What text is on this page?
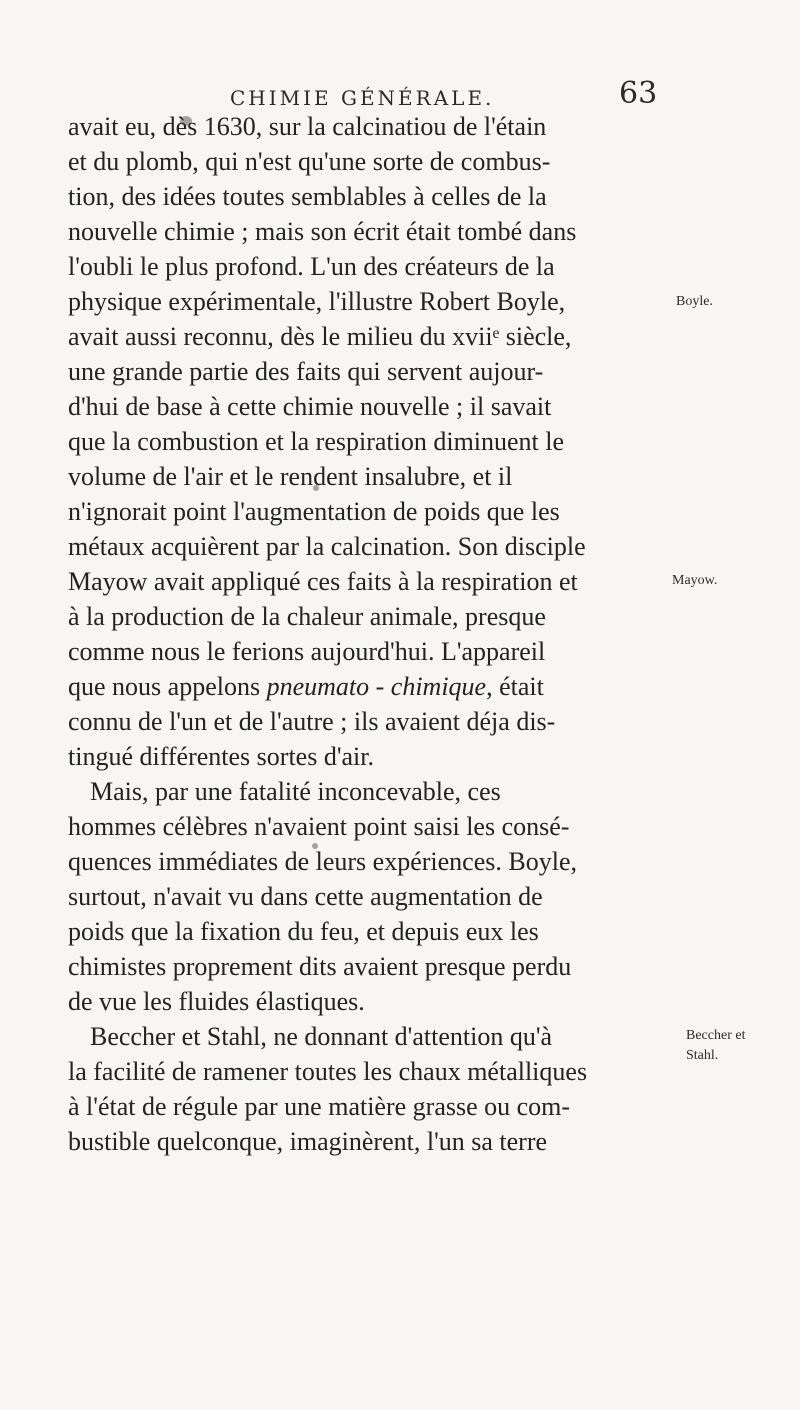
CHIMIE GÉNÉRALE.	63
avait eu, dès 1630, sur la calcinatiou de l'étain
et du plomb, qui n'est qu'une sorte de combus-
tion, des idées toutes semblables à celles de la
nouvelle chimie ; mais son écrit était tombé dans
l'oubli le plus profond. L'un des créateurs de la
physique expérimentale, l'illustre Robert Boyle,
avait aussi reconnu, dès le milieu du xviiᵉ siècle,
une grande partie des faits qui servent aujour-
d'hui de base à cette chimie nouvelle ; il savait
que la combustion et la respiration diminuent le
volume de l'air et le rendent insalubre, et il
n'ignorait point l'augmentation de poids que les
métaux acquièrent par la calcination. Son disciple
Mayow avait appliqué ces faits à la respiration et
à la production de la chaleur animale, presque
comme nous le ferions aujourd'hui. L'appareil
que nous appelons pneumato - chimique, était
connu de l'un et de l'autre ; ils avaient déja dis-
tingué différentes sortes d'air.
Mais, par une fatalité inconcevable, ces
hommes célèbres n'avaient point saisi les consé-
quences immédiates de leurs expériences. Boyle,
surtout, n'avait vu dans cette augmentation de
poids que la fixation du feu, et depuis eux les
chimistes proprement dits avaient presque perdu
de vue les fluides élastiques.
Beccher et Stahl, ne donnant d'attention qu'à
la facilité de ramener toutes les chaux métalliques
à l'état de régule par une matière grasse ou com-
bustible quelconque, imaginèrent, l'un sa terre
Boyle.
Mayow.
Beccher et
Stahl.
